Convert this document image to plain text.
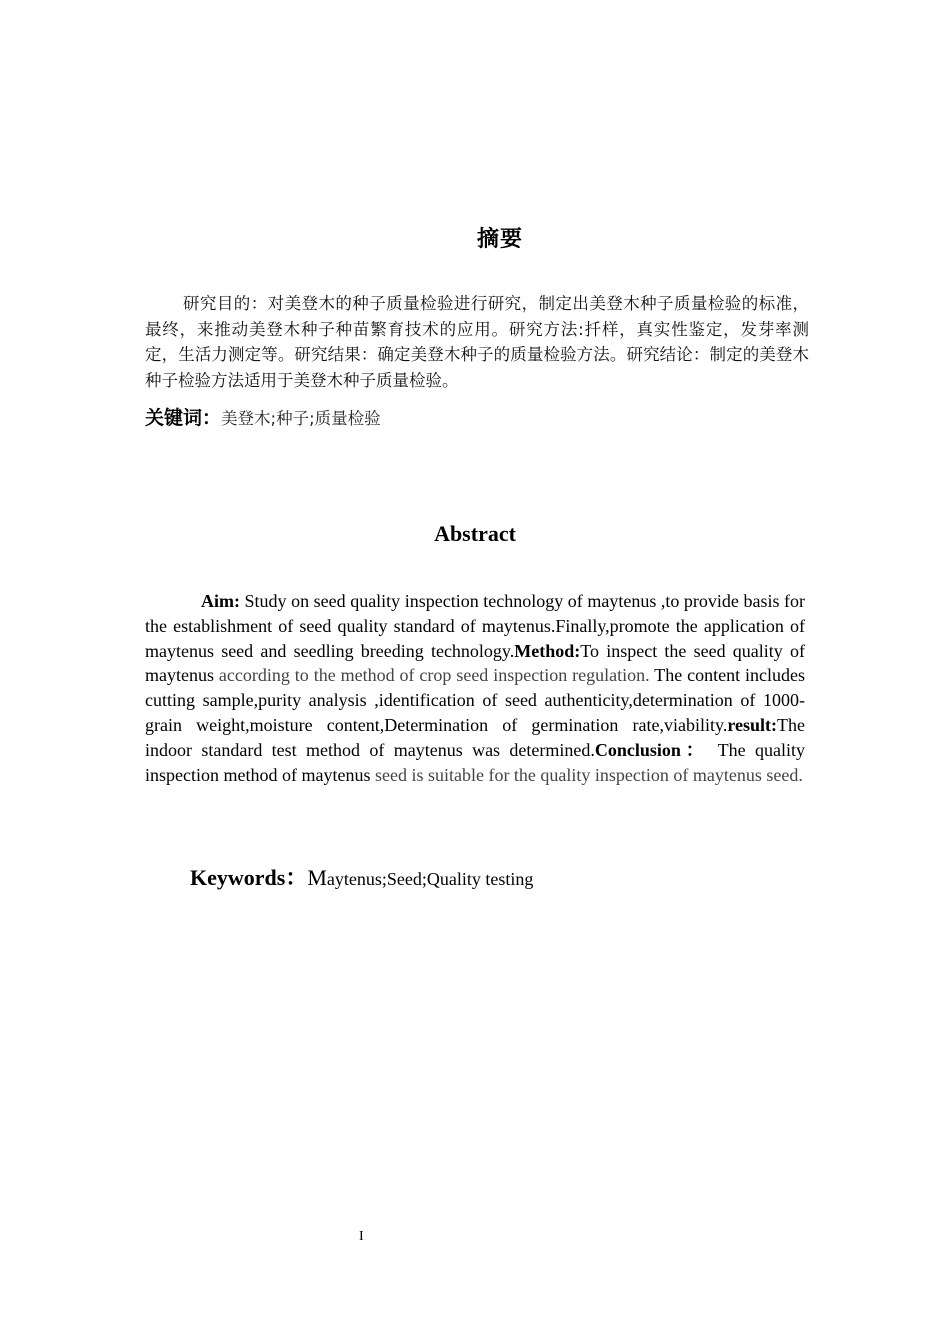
摘要
研究目的：对美登木的种子质量检验进行研究，制定出美登木种子质量检验的标准，最终，来推动美登木种子种苗繁育技术的应用。研究方法:扦样，真实性鉴定，发芽率测定，生活力测定等。研究结果：确定美登木种子的质量检验方法。研究结论：制定的美登木种子检验方法适用于美登木种子质量检验。
关键词：美登木;种子;质量检验
Abstract
Aim: Study on seed quality inspection technology of maytenus ,to provide basis for the establishment of seed quality standard of maytenus.Finally,promote the application of maytenus seed and seedling breeding technology.Method:To inspect the seed quality of maytenus according to the method of crop seed inspection regulation. The content includes cutting sample,purity analysis ,identification of seed authenticity,determination of 1000-grain weight,moisture content,Determination of germination rate,viability.result:The indoor standard test method of maytenus was determined.Conclusion： The quality inspection method of maytenus seed is suitable for the quality inspection of maytenus seed.
Keywords：Maytenus;Seed;Quality testing
I
